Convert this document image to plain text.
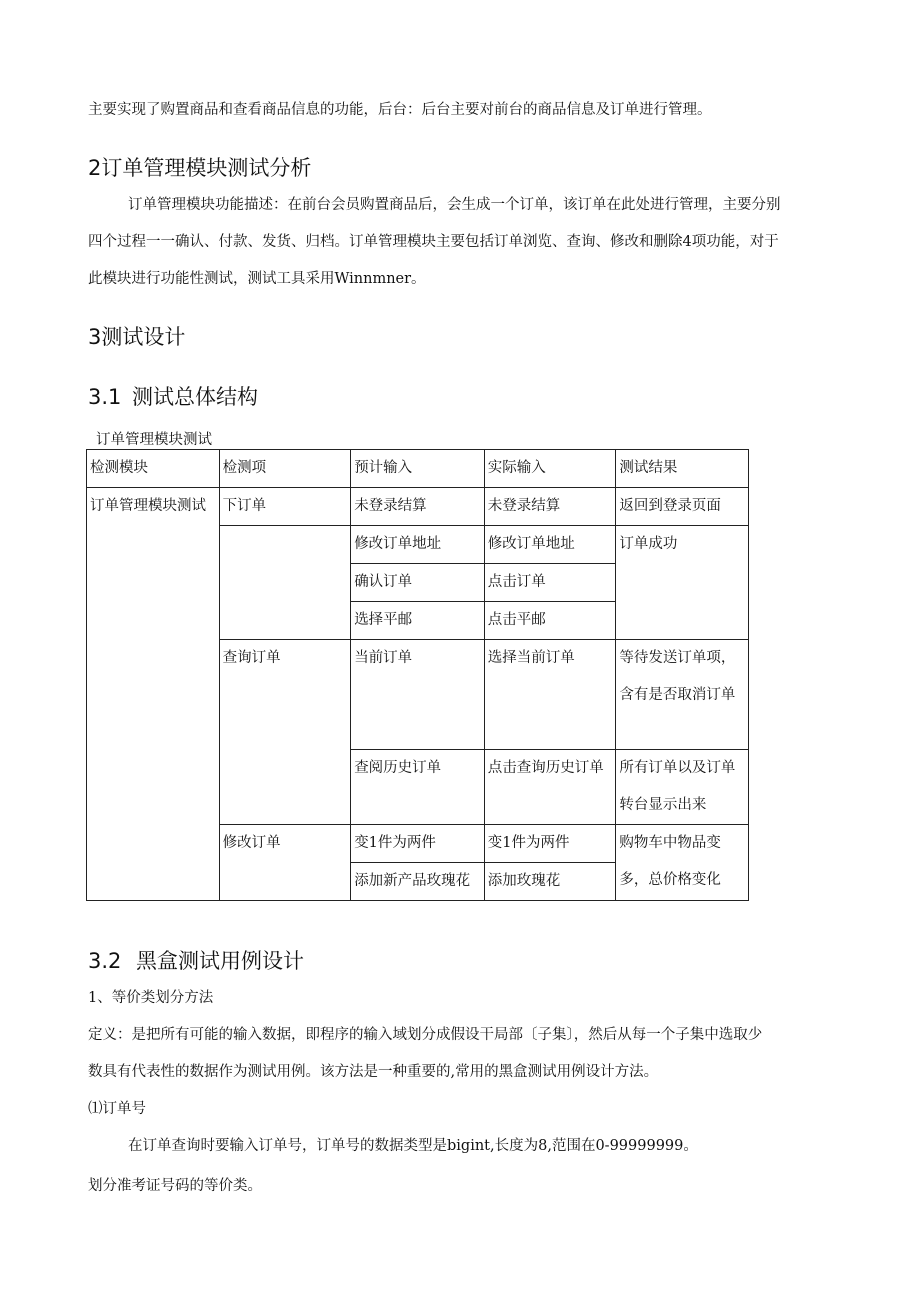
主要实现了购置商品和查看商品信息的功能，后台：后台主要对前台的商品信息及订单进行管理。

2订单管理模块测试分析

订单管理模块功能描述：在前台会员购置商品后，会生成一个订单，该订单在此处进行管理，主要分别

四个过程一一确认、付款、发货、归档。订单管理模块主要包括订单浏览、查询、修改和删除4项功能，对于

此模块进行功能性测试，测试工具采用Winnmner。

3测试设计
3.1 测试总体结构
订单管理模块测试
检测模块	检测项	预计输入	实际输入	测试结果
订单管理模块测试	下订单	未登录结算	未登录结算	返回到登录页面
		修改订单地址	修改订单地址	订单成功
		确认订单	点击订单	
		选择平邮	点击平邮	
	查询订单	当前订单	选择当前订单	等待发送订单项，含有是否取消订单
		查阅历史订单	点击查询历史订单	所有订单以及订单转台显示出来
	修改订单	变1件为两件	变1件为两件	购物车中物品变多，总价格变化
		添加新产品玫瑰花	添加玫瑰花	
3.2 黑盒测试用例设计

1、等价类划分方法

定义：是把所有可能的输入数据，即程序的输入域划分成假设干局部〔子集〕，然后从每一个子集中选取少

数具有代表性的数据作为测试用例。该方法是一种重要的,常用的黑盒测试用例设计方法。

⑴订单号

在订单查询时要输入订单号，订单号的数据类型是bigint,长度为8,范围在0-99999999。

划分准考证号码的等价类。
